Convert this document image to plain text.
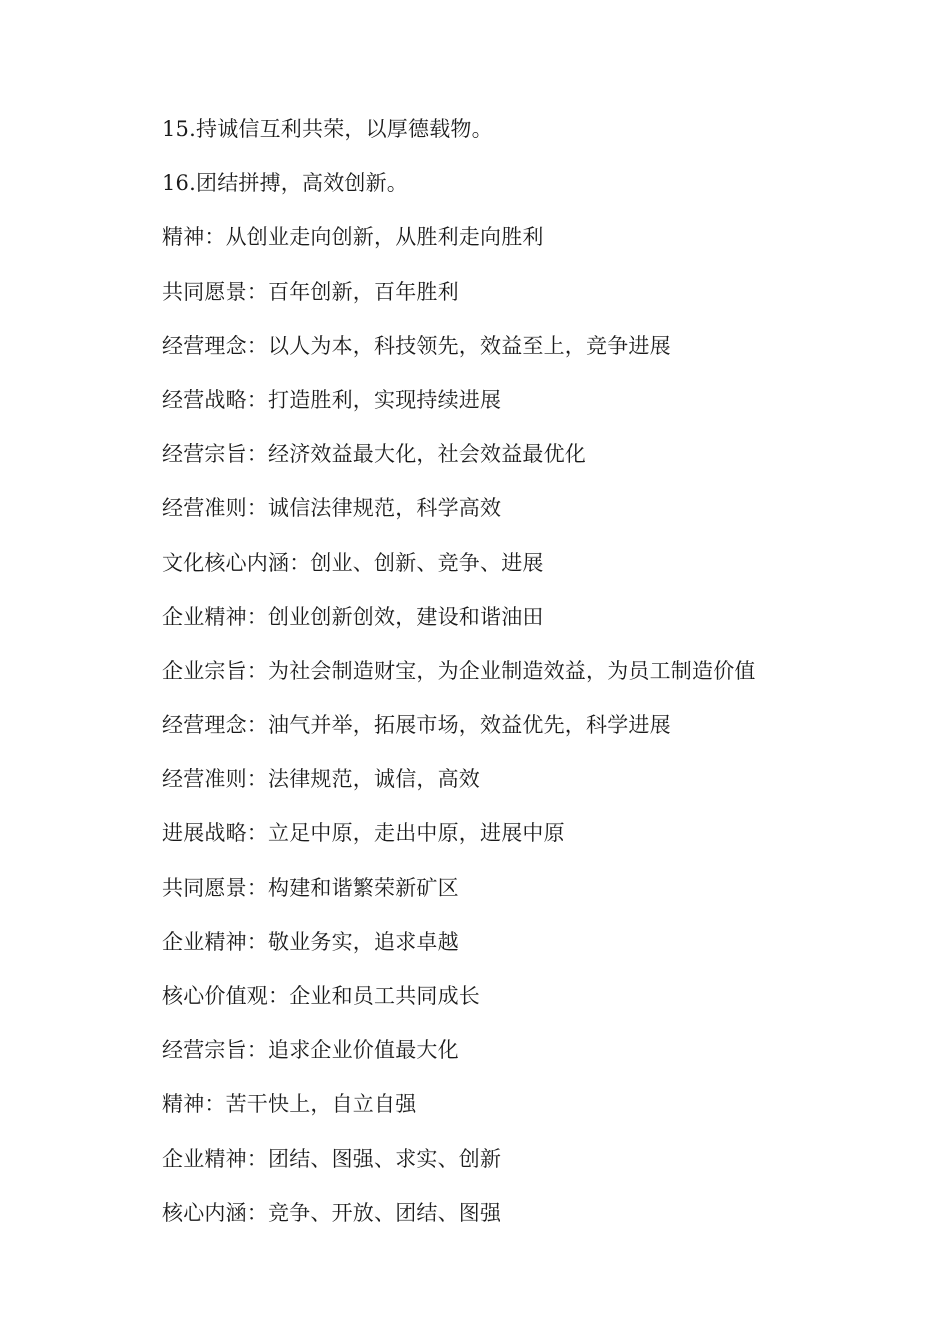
15.持诚信互利共荣，以厚德载物。
16.团结拼搏，高效创新。
精神：从创业走向创新，从胜利走向胜利
共同愿景：百年创新，百年胜利
经营理念：以人为本，科技领先，效益至上，竞争进展
经营战略：打造胜利，实现持续进展
经营宗旨：经济效益最大化，社会效益最优化
经营准则：诚信法律规范，科学高效
文化核心内涵：创业、创新、竞争、进展
企业精神：创业创新创效，建设和谐油田
企业宗旨：为社会制造财宝，为企业制造效益，为员工制造价值
经营理念：油气并举，拓展市场，效益优先，科学进展
经营准则：法律规范，诚信，高效
进展战略：立足中原，走出中原，进展中原
共同愿景：构建和谐繁荣新矿区
企业精神：敬业务实，追求卓越
核心价值观：企业和员工共同成长
经营宗旨：追求企业价值最大化
精神：苦干快上，自立自强
企业精神：团结、图强、求实、创新
核心内涵：竞争、开放、团结、图强
